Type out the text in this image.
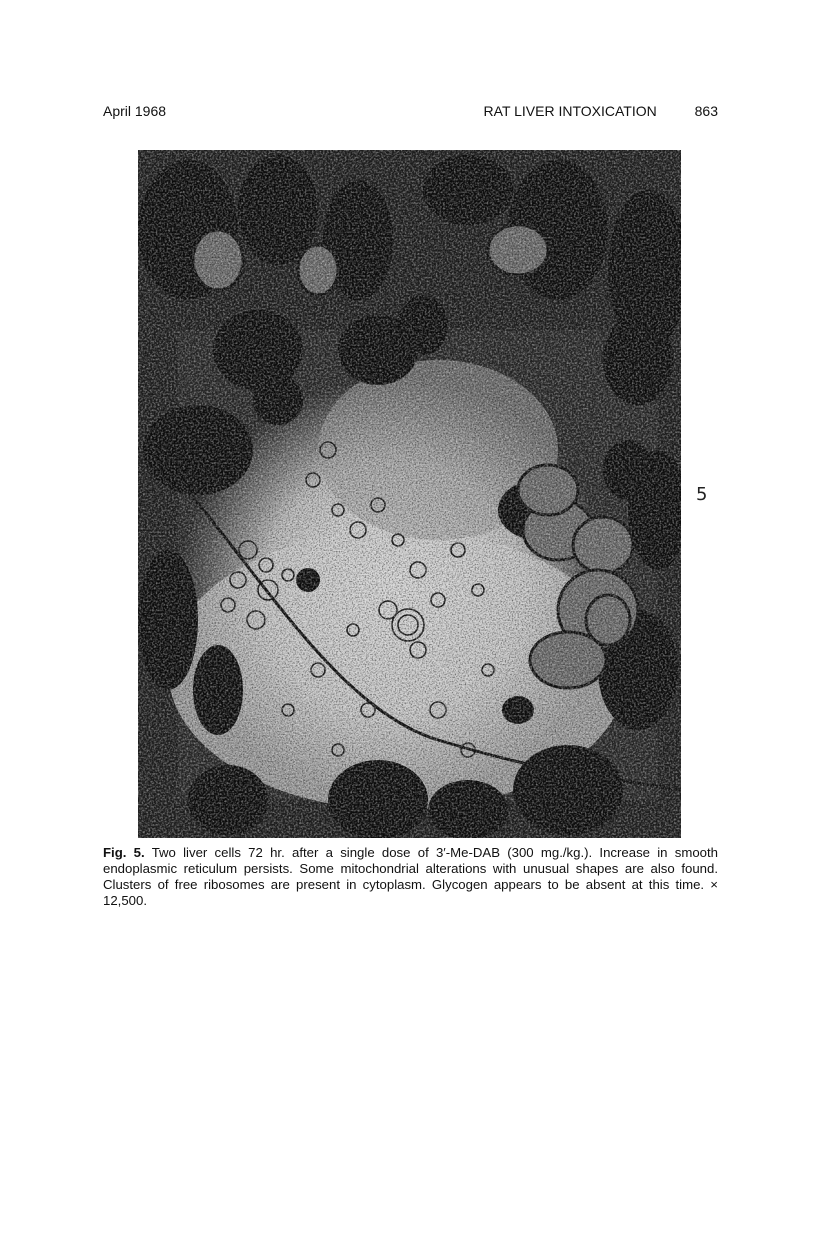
April 1968	RAT LIVER INTOXICATION	863
5

Fig. 5. Two liver cells 72 hr. after a single dose of 3′-Me-DAB (300 mg./kg.). Increase in smooth endoplasmic reticulum persists. Some mitochondrial alterations with unusual shapes are also found. Clusters of free ribosomes are present in cytoplasm. Glycogen appears to be absent at this time. × 12,500.
